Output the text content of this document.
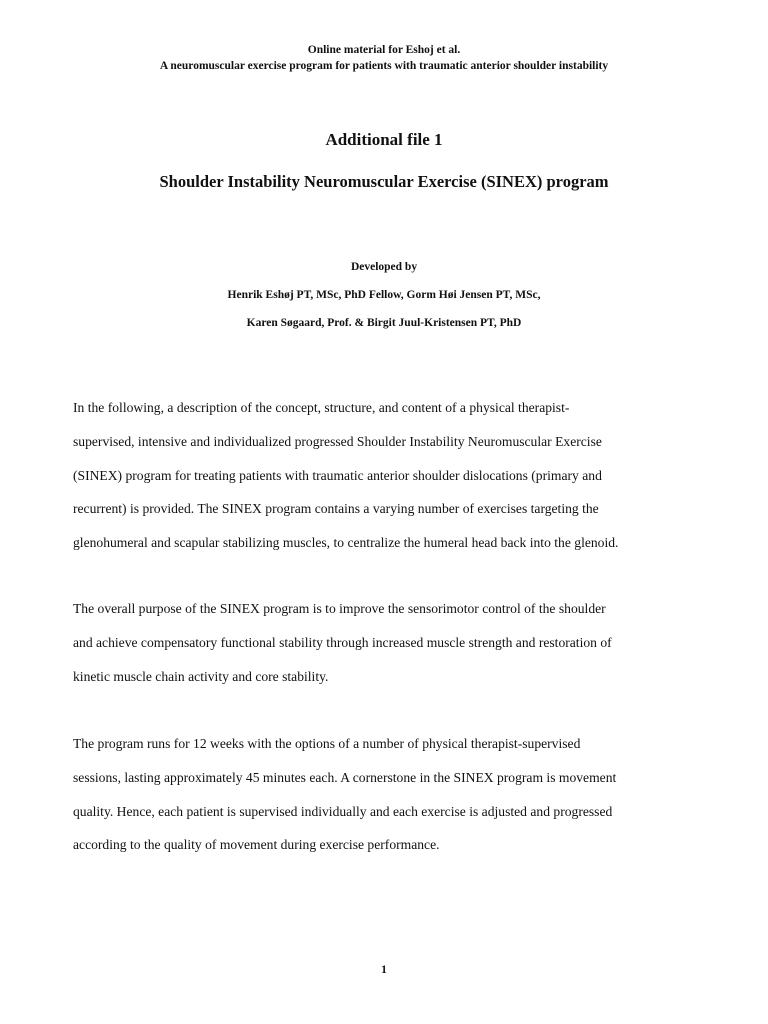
Online material for Eshoj et al.
A neuromuscular exercise program for patients with traumatic anterior shoulder instability
Additional file 1
Shoulder Instability Neuromuscular Exercise (SINEX) program
Developed by
Henrik Eshøj PT, MSc, PhD Fellow, Gorm Høi Jensen PT, MSc,
Karen Søgaard, Prof. & Birgit Juul-Kristensen PT, PhD
In the following, a description of the concept, structure, and content of a physical therapist-
supervised, intensive and individualized progressed Shoulder Instability Neuromuscular Exercise
(SINEX) program for treating patients with traumatic anterior shoulder dislocations (primary and
recurrent) is provided. The SINEX program contains a varying number of exercises targeting the
glenohumeral and scapular stabilizing muscles, to centralize the humeral head back into the glenoid.
The overall purpose of the SINEX program is to improve the sensorimotor control of the shoulder
and achieve compensatory functional stability through increased muscle strength and restoration of
kinetic muscle chain activity and core stability.
The program runs for 12 weeks with the options of a number of physical therapist-supervised
sessions, lasting approximately 45 minutes each. A cornerstone in the SINEX program is movement
quality. Hence, each patient is supervised individually and each exercise is adjusted and progressed
according to the quality of movement during exercise performance.
1
